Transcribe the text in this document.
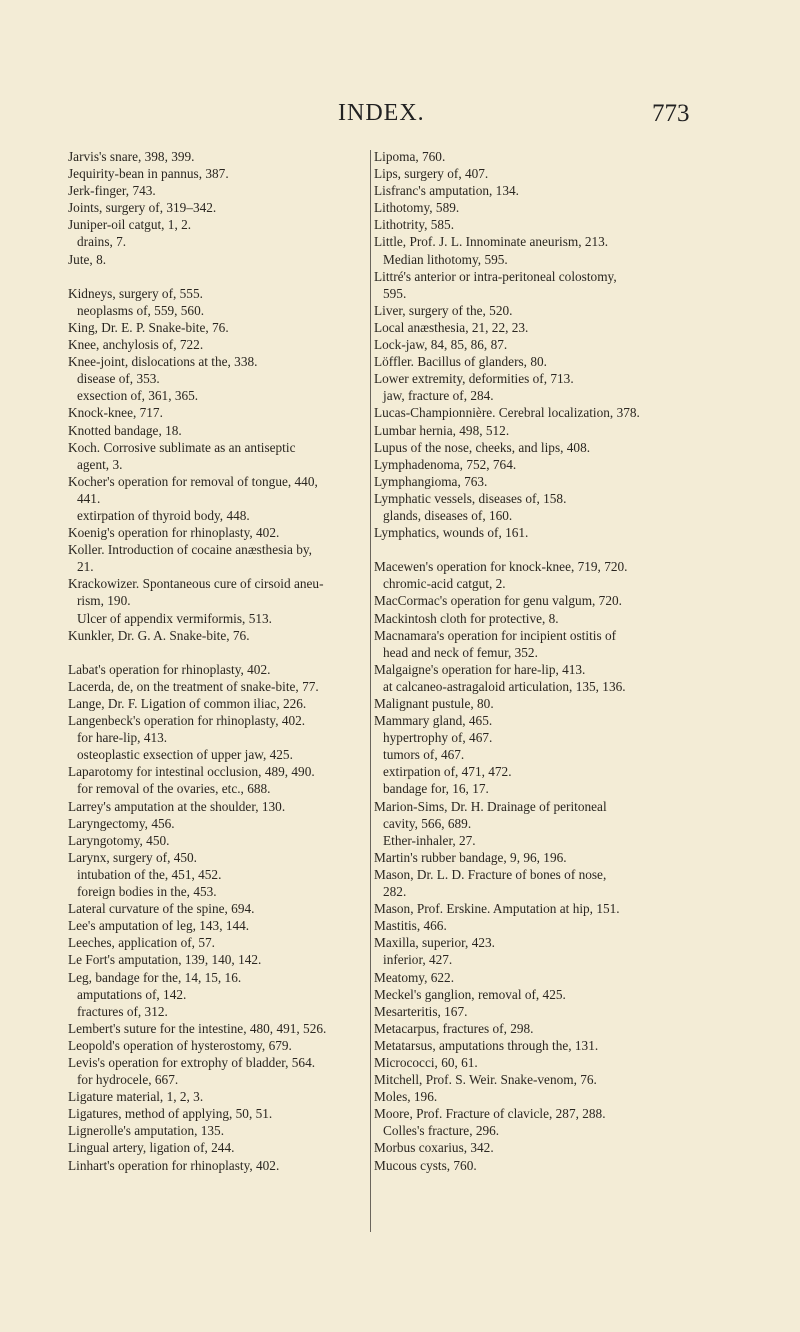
INDEX.	773
Jarvis's snare, 398, 399.
Jequirity-bean in pannus, 387.
Jerk-finger, 743.
Joints, surgery of, 319–342.
Juniper-oil catgut, 1, 2.
drains, 7.
Jute, 8.
Kidneys, surgery of, 555.
neoplasms of, 559, 560.
King, Dr. E. P. Snake-bite, 76.
Knee, anchylosis of, 722.
Knee-joint, dislocations at the, 338.
disease of, 353.
exsection of, 361, 365.
Knock-knee, 717.
Knotted bandage, 18.
Koch. Corrosive sublimate as an antiseptic
agent, 3.
Kocher's operation for removal of tongue, 440,
441.
extirpation of thyroid body, 448.
Koenig's operation for rhinoplasty, 402.
Koller. Introduction of cocaine anæsthesia by,
21.
Krackowizer. Spontaneous cure of cirsoid aneu-
rism, 190.
Ulcer of appendix vermiformis, 513.
Kunkler, Dr. G. A. Snake-bite, 76.
Labat's operation for rhinoplasty, 402.
Lacerda, de, on the treatment of snake-bite, 77.
Lange, Dr. F. Ligation of common iliac, 226.
Langenbeck's operation for rhinoplasty, 402.
for hare-lip, 413.
osteoplastic exsection of upper jaw, 425.
Laparotomy for intestinal occlusion, 489, 490.
for removal of the ovaries, etc., 688.
Larrey's amputation at the shoulder, 130.
Laryngectomy, 456.
Laryngotomy, 450.
Larynx, surgery of, 450.
intubation of the, 451, 452.
foreign bodies in the, 453.
Lateral curvature of the spine, 694.
Lee's amputation of leg, 143, 144.
Leeches, application of, 57.
Le Fort's amputation, 139, 140, 142.
Leg, bandage for the, 14, 15, 16.
amputations of, 142.
fractures of, 312.
Lembert's suture for the intestine, 480, 491, 526.
Leopold's operation of hysterostomy, 679.
Levis's operation for extrophy of bladder, 564.
for hydrocele, 667.
Ligature material, 1, 2, 3.
Ligatures, method of applying, 50, 51.
Lignerolle's amputation, 135.
Lingual artery, ligation of, 244.
Linhart's operation for rhinoplasty, 402.
Lipoma, 760.
Lips, surgery of, 407.
Lisfranc's amputation, 134.
Lithotomy, 589.
Lithotrity, 585.
Little, Prof. J. L. Innominate aneurism, 213.
Median lithotomy, 595.
Littré's anterior or intra-peritoneal colostomy,
595.
Liver, surgery of the, 520.
Local anæsthesia, 21, 22, 23.
Lock-jaw, 84, 85, 86, 87.
Löffler. Bacillus of glanders, 80.
Lower extremity, deformities of, 713.
jaw, fracture of, 284.
Lucas-Championnière. Cerebral localization, 378.
Lumbar hernia, 498, 512.
Lupus of the nose, cheeks, and lips, 408.
Lymphadenoma, 752, 764.
Lymphangioma, 763.
Lymphatic vessels, diseases of, 158.
glands, diseases of, 160.
Lymphatics, wounds of, 161.
Macewen's operation for knock-knee, 719, 720.
chromic-acid catgut, 2.
MacCormac's operation for genu valgum, 720.
Mackintosh cloth for protective, 8.
Macnamara's operation for incipient ostitis of
head and neck of femur, 352.
Malgaigne's operation for hare-lip, 413.
at calcaneo-astragaloid articulation, 135, 136.
Malignant pustule, 80.
Mammary gland, 465.
hypertrophy of, 467.
tumors of, 467.
extirpation of, 471, 472.
bandage for, 16, 17.
Marion-Sims, Dr. H. Drainage of peritoneal
cavity, 566, 689.
Ether-inhaler, 27.
Martin's rubber bandage, 9, 96, 196.
Mason, Dr. L. D. Fracture of bones of nose,
282.
Mason, Prof. Erskine. Amputation at hip, 151.
Mastitis, 466.
Maxilla, superior, 423.
inferior, 427.
Meatomy, 622.
Meckel's ganglion, removal of, 425.
Mesarteritis, 167.
Metacarpus, fractures of, 298.
Metatarsus, amputations through the, 131.
Micrococci, 60, 61.
Mitchell, Prof. S. Weir. Snake-venom, 76.
Moles, 196.
Moore, Prof. Fracture of clavicle, 287, 288.
Colles's fracture, 296.
Morbus coxarius, 342.
Mucous cysts, 760.
